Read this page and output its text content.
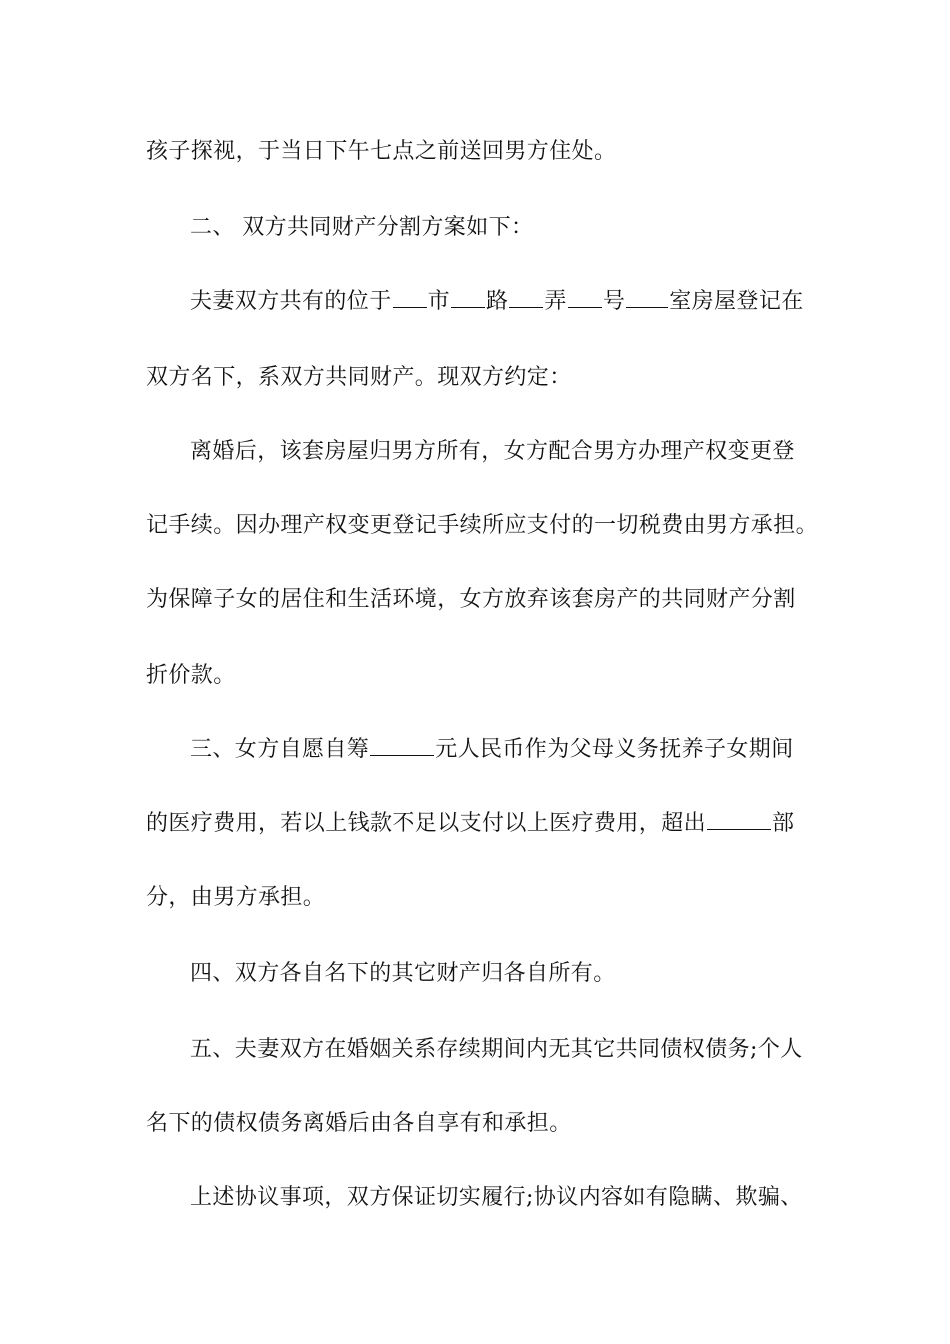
孩子探视，于当日下午七点之前送回男方住处。
二、 双方共同财产分割方案如下：
夫妻双方共有的位于 市 路 弄 号 室房屋登记在
双方名下，系双方共同财产。现双方约定：
离婚后，该套房屋归男方所有，女方配合男方办理产权变更登
记手续。因办理产权变更登记手续所应支付的一切税费由男方承担。
为保障子女的居住和生活环境，女方放弃该套房产的共同财产分割
折价款。
三、女方自愿自筹	元人民币作为父母义务抚养子女期间
的医疗费用，若以上钱款不足以支付以上医疗费用，超出	部
分，由男方承担。
四、双方各自名下的其它财产归各自所有。
五、夫妻双方在婚姻关系存续期间内无其它共同债权债务;个人
名下的债权债务离婚后由各自享有和承担。
上述协议事项，双方保证切实履行;协议内容如有隐瞒、欺骗、
